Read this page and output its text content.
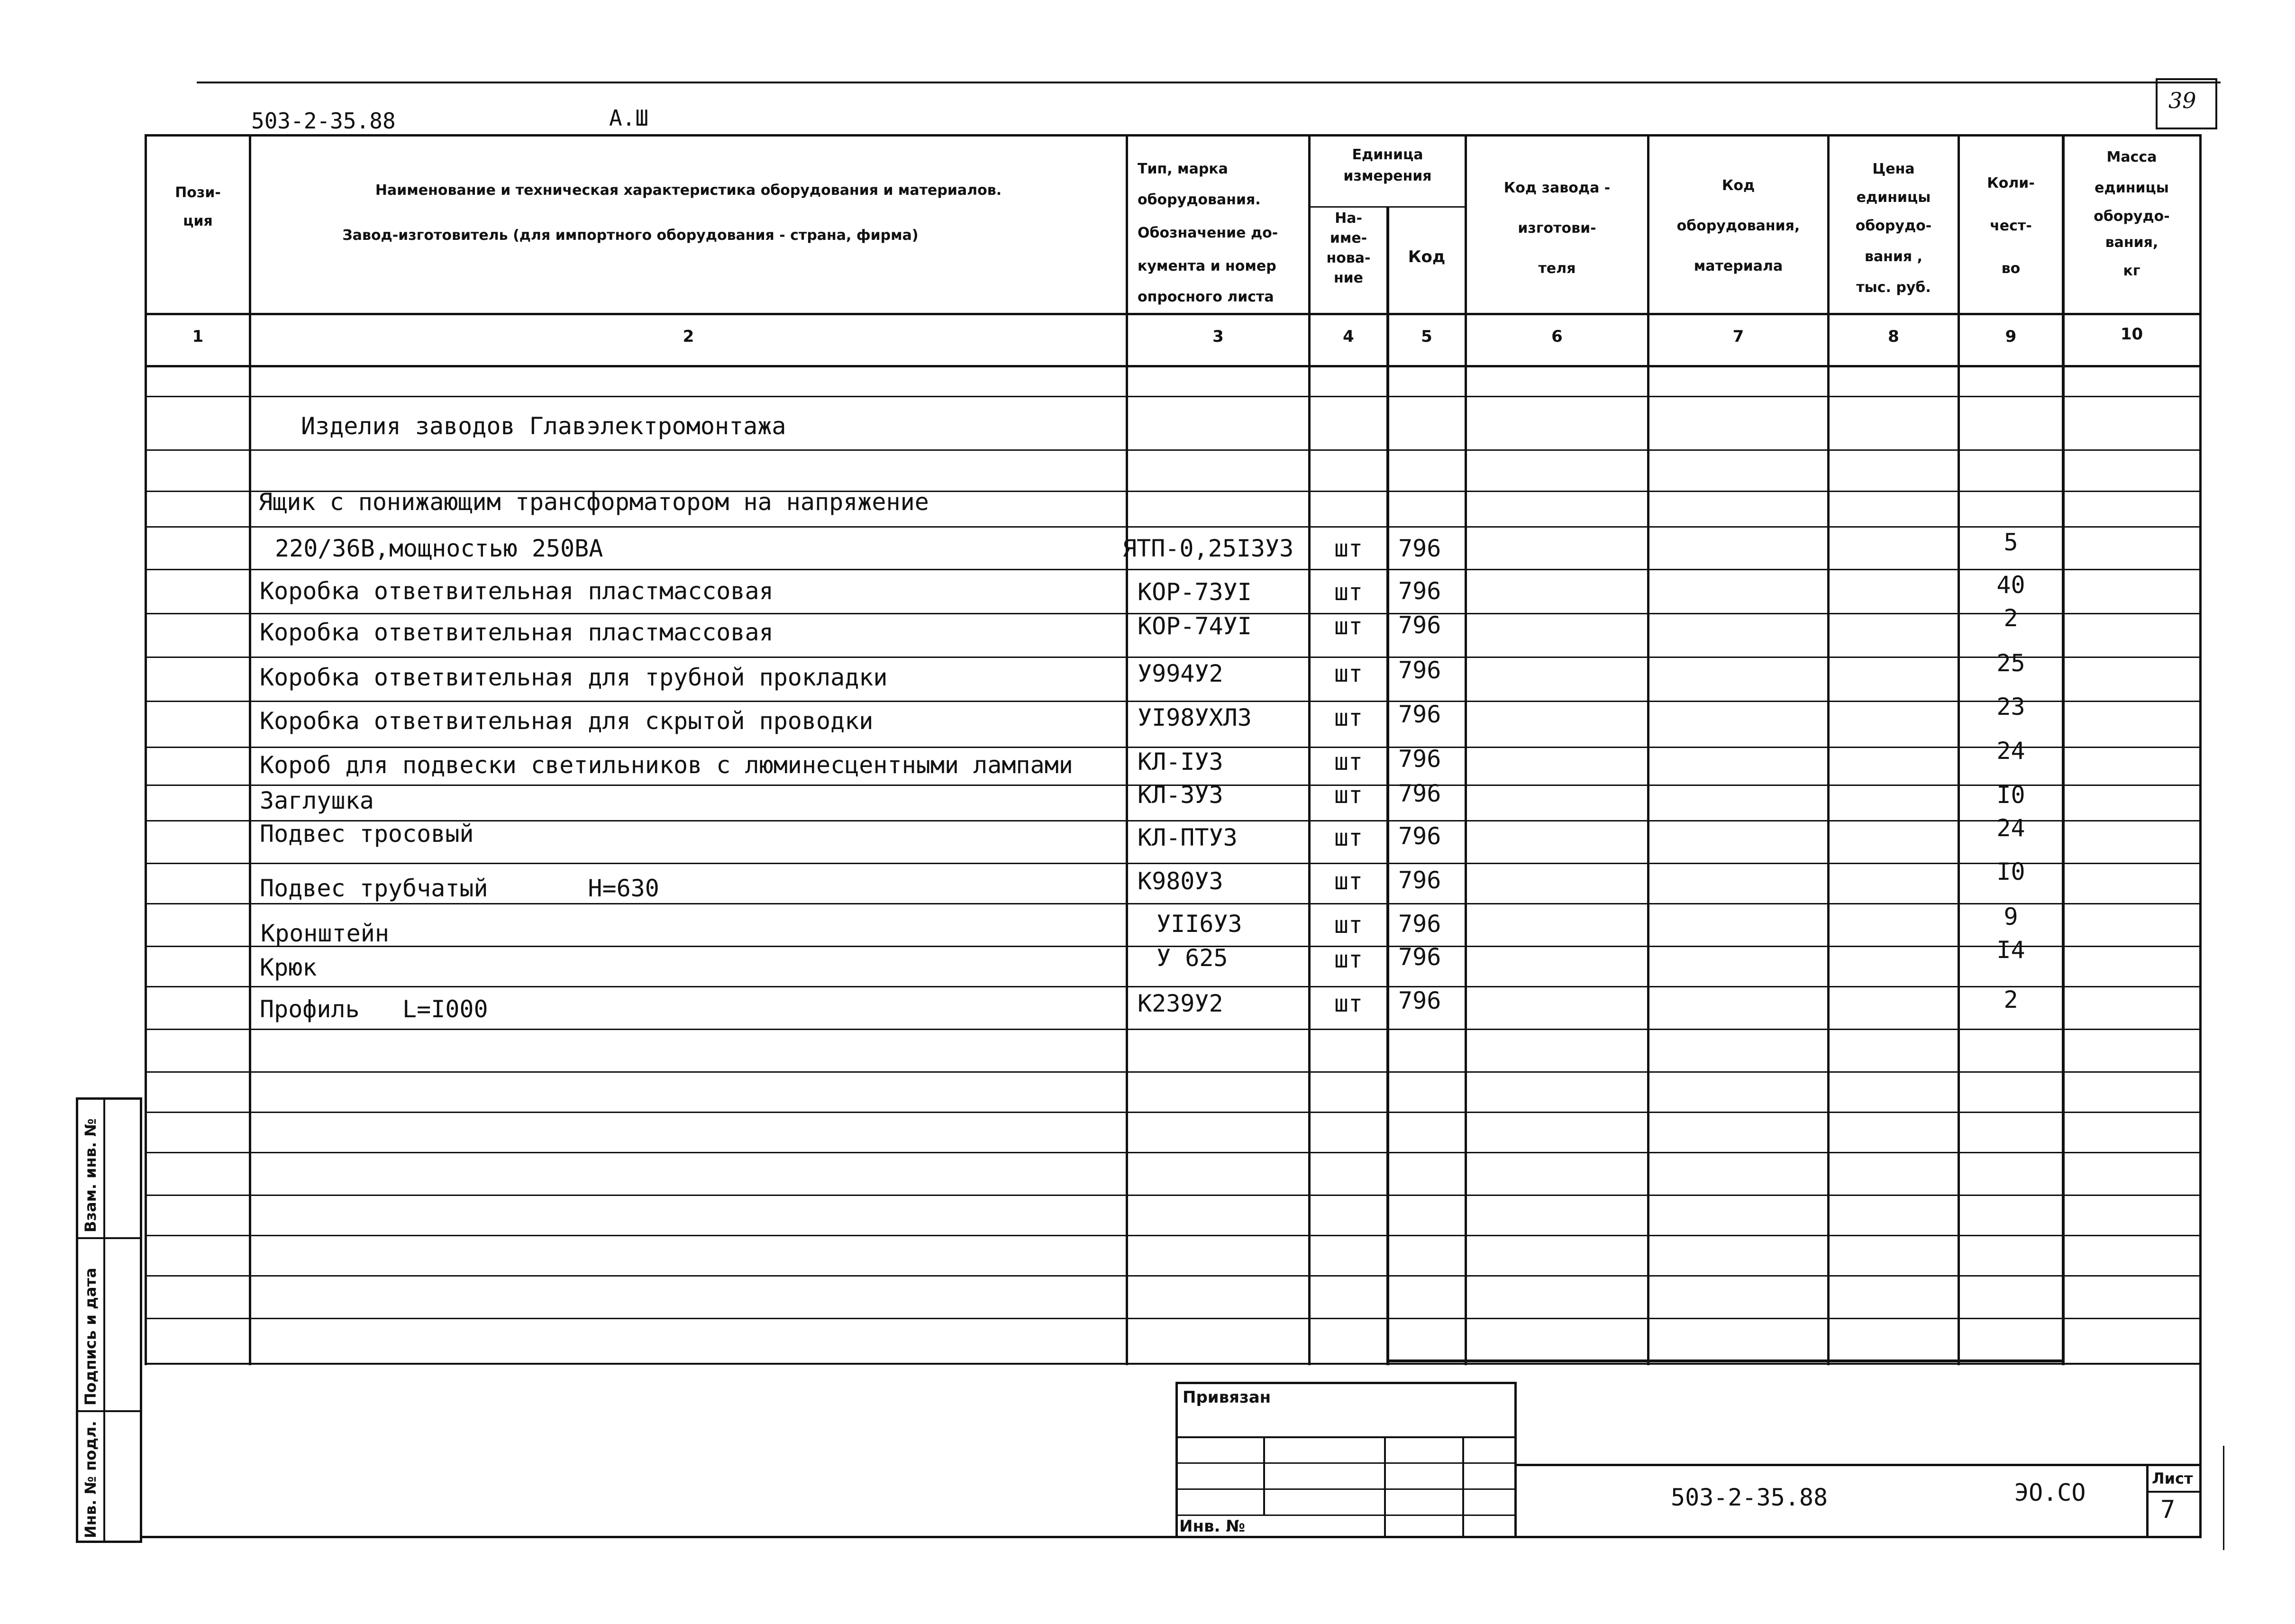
503-2-35.88	А.Ш
39
Пози-
ция
Наименование и техническая характеристика оборудования и материалов.
Завод-изготовитель (для импортного оборудования - страна, фирма)
Тип, марка
оборудования.
Обозначение до-
кумента и номер
опросного листа
Единица
измерения
На-
име-
нова-
ние
Код
Код завода -
изготови-
теля
Код
оборудования,
материала
Цена
единицы
оборудо-
вания ,
тыс. руб.
Коли-
чест-
во
Масса
единицы
оборудо-
вания,
кг
1	2	3	4	5	6	7	8	9	10
Изделия заводов Главэлектромонтажа
Ящик с понижающим трансформатором на напряжение
220/36В,мощностью 250ВА	ЯТП-0,25I3У3	шт	796	5
Коробка ответвительная пластмассовая	КОР-73УI	шт	796	40
Коробка ответвительная пластмассовая	КОР-74УI	шт	796	2
Коробка ответвительная для трубной прокладки	У994У2	шт	796	25
Коробка ответвительная для скрытой проводки	УI98УХЛ3	шт	796	23
Короб для подвески светильников с люминесцентными лампами	КЛ-IУ3	шт	796	24
Заглушка	КЛ-3У3	шт	796	I0
Подвес тросовый	КЛ-ПТУ3	шт	796	24
Подвес трубчатый       Н=630	К980У3	шт	796	I0
Кронштейн	УII6У3	шт	796	9
Крюк	У 625	шт	796	I4
Профиль   L=I000	К239У2	шт	796	2
Инв. № подл.
Подпись и дата
Взам. инв. №
Привязан
Инв. №
503-2-35.88	ЭО.СО
Лист
7
